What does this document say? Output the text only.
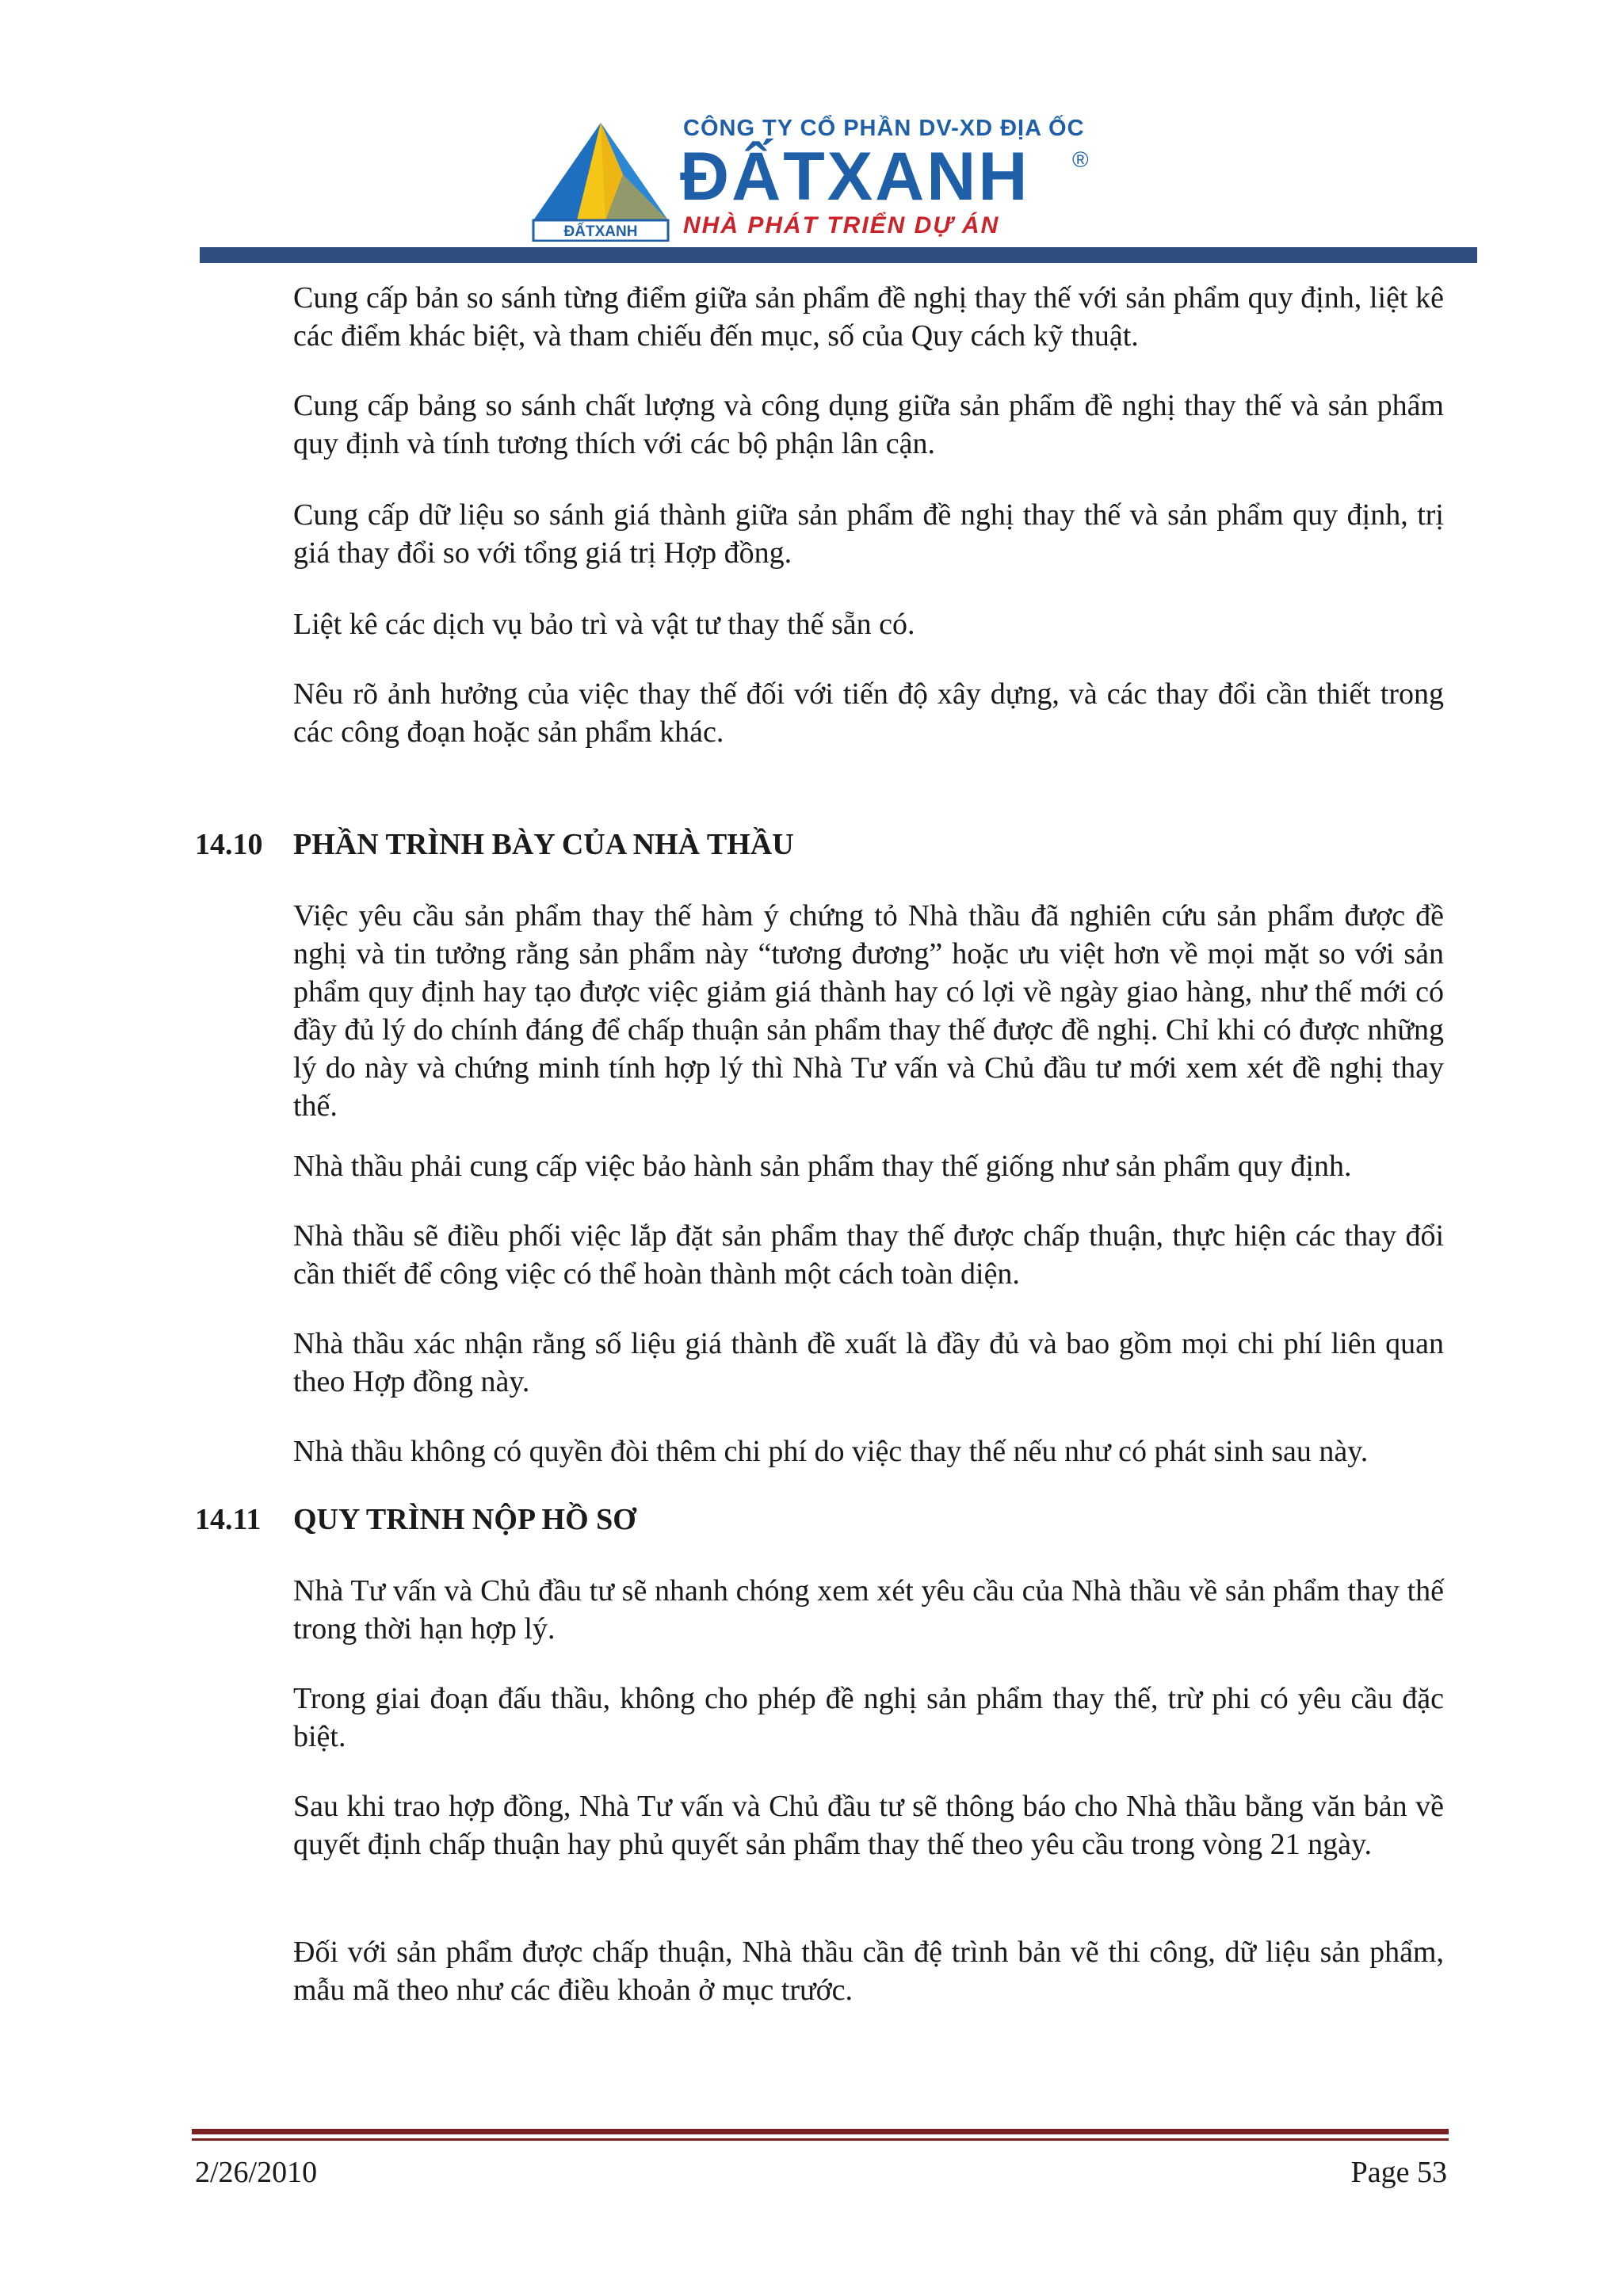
ĐẤTXANH
CÔNG TY CỔ PHẦN DV-XD ĐỊA ỐC
ĐẤTXANH ®
NHÀ PHÁT TRIỂN DỰ ÁN

Cung cấp bản so sánh từng điểm giữa sản phẩm đề nghị thay thế với sản phẩm quy định, liệt kê các điểm khác biệt, và tham chiếu đến mục, số của Quy cách kỹ thuật.

Cung cấp bảng so sánh chất lượng và công dụng giữa sản phẩm đề nghị thay thế và sản phẩm quy định và tính tương thích với các bộ phận lân cận.

Cung cấp dữ liệu so sánh giá thành giữa sản phẩm đề nghị thay thế và sản phẩm quy định, trị giá thay đổi so với tổng giá trị Hợp đồng.

Liệt kê các dịch vụ bảo trì và vật tư thay thế sẵn có.

Nêu rõ ảnh hưởng của việc thay thế đối với tiến độ xây dựng, và các thay đổi cần thiết trong các công đoạn hoặc sản phẩm khác.

14.10 PHẦN TRÌNH BÀY CỦA NHÀ THẦU

Việc yêu cầu sản phẩm thay thế hàm ý chứng tỏ Nhà thầu đã nghiên cứu sản phẩm được đề nghị và tin tưởng rằng sản phẩm này “tương đương” hoặc ưu việt hơn về mọi mặt so với sản phẩm quy định hay tạo được việc giảm giá thành hay có lợi về ngày giao hàng, như thế mới có đầy đủ lý do chính đáng để chấp thuận sản phẩm thay thế được đề nghị. Chỉ khi có được những lý do này và chứng minh tính hợp lý thì Nhà Tư vấn và Chủ đầu tư mới xem xét đề nghị thay thế.

Nhà thầu phải cung cấp việc bảo hành sản phẩm thay thế giống như sản phẩm quy định.

Nhà thầu sẽ điều phối việc lắp đặt sản phẩm thay thế được chấp thuận, thực hiện các thay đổi cần thiết để công việc có thể hoàn thành một cách toàn diện.

Nhà thầu xác nhận rằng số liệu giá thành đề xuất là đầy đủ và bao gồm mọi chi phí liên quan theo Hợp đồng này.

Nhà thầu không có quyền đòi thêm chi phí do việc thay thế nếu như có phát sinh sau này.

14.11 QUY TRÌNH NỘP HỒ SƠ

Nhà Tư vấn và Chủ đầu tư sẽ nhanh chóng xem xét yêu cầu của Nhà thầu về sản phẩm thay thế trong thời hạn hợp lý.

Trong giai đoạn đấu thầu, không cho phép đề nghị sản phẩm thay thế, trừ phi có yêu cầu đặc biệt.

Sau khi trao hợp đồng, Nhà Tư vấn và Chủ đầu tư sẽ thông báo cho Nhà thầu bằng văn bản về quyết định chấp thuận hay phủ quyết sản phẩm thay thế theo yêu cầu trong vòng 21 ngày.

Đối với sản phẩm được chấp thuận, Nhà thầu cần đệ trình bản vẽ thi công, dữ liệu sản phẩm, mẫu mã theo như các điều khoản ở mục trước.

2/26/2010	Page 53
